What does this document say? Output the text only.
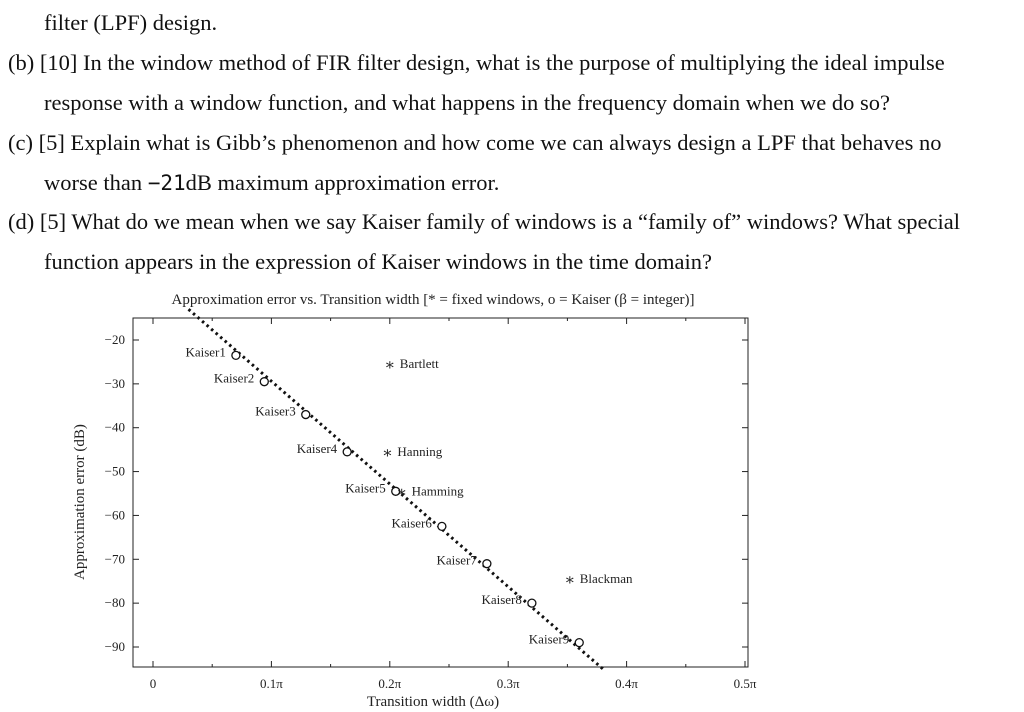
filter (LPF) design.
(b) [10] In the window method of FIR filter design, what is the purpose of multiplying the ideal impulse
response with a window function, and what happens in the frequency domain when we do so?
(c) [5] Explain what is Gibb’s phenomenon and how come we can always design a LPF that behaves no
worse than −21dB maximum approximation error.
(d) [5] What do we mean when we say Kaiser family of windows is a “family of” windows? What special
function appears in the expression of Kaiser windows in the time domain?
Approximation error vs. Transition width [* = fixed windows, o = Kaiser (β = integer)]
0	0.1π	0.2π	0.3π	0.4π	0.5π
−20
−30
−40
−50
−60
−70
−80
−90
Kaiser1
Kaiser2
Kaiser3
Kaiser4
Kaiser5
Kaiser6
Kaiser7
Kaiser8
Kaiser9
∗ Bartlett
∗ Hanning
∗ Hamming
∗ Blackman
Transition width (Δω)
Approximation error (dB)
